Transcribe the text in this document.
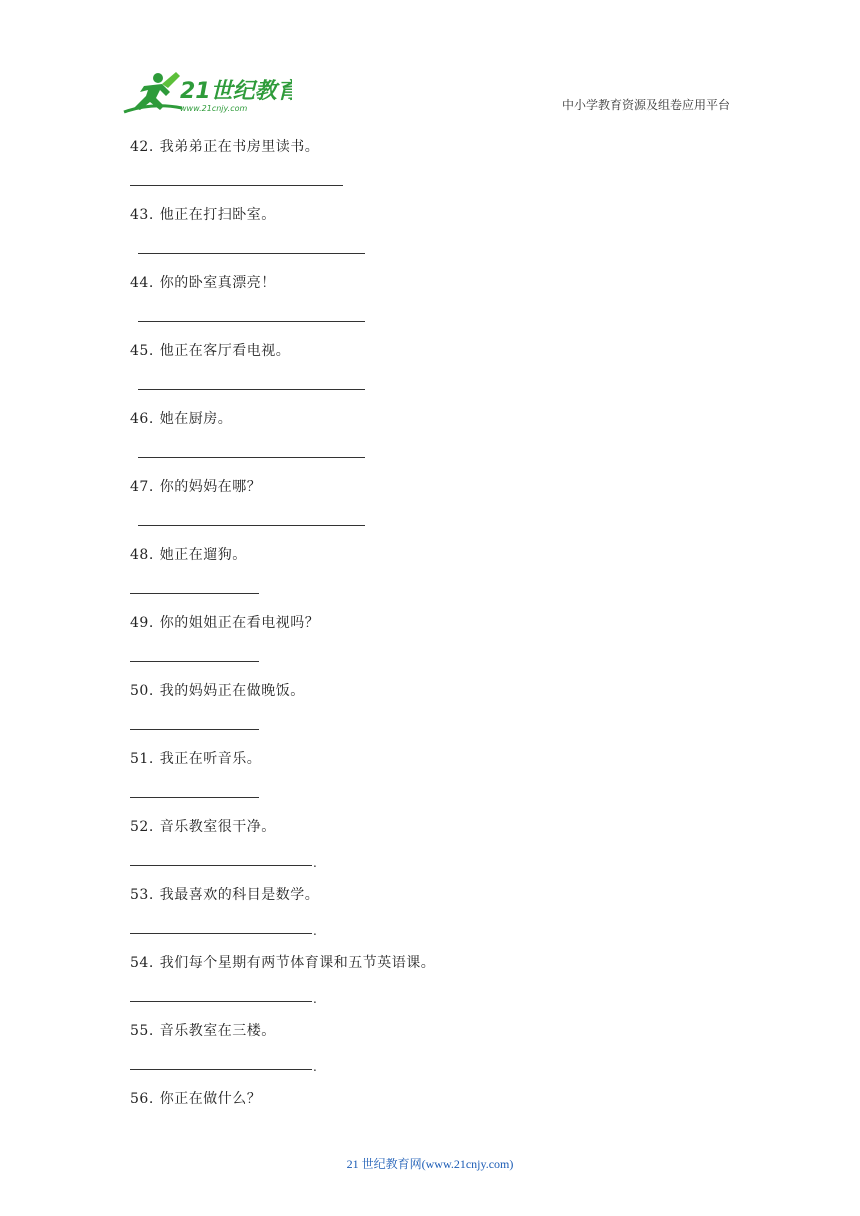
21世纪教育
www.21cnjy.com	中小学教育资源及组卷应用平台
42. 我弟弟正在书房里读书。
43. 他正在打扫卧室。
44. 你的卧室真漂亮！
45. 他正在客厅看电视。
46. 她在厨房。
47. 你的妈妈在哪？
48. 她正在遛狗。
49. 你的姐姐正在看电视吗？
50. 我的妈妈正在做晚饭。
51. 我正在听音乐。
52. 音乐教室很干净。
.
53. 我最喜欢的科目是数学。
.
54. 我们每个星期有两节体育课和五节英语课。
.
55. 音乐教室在三楼。
.
56. 你正在做什么？
21 世纪教育网(www.21cnjy.com)
